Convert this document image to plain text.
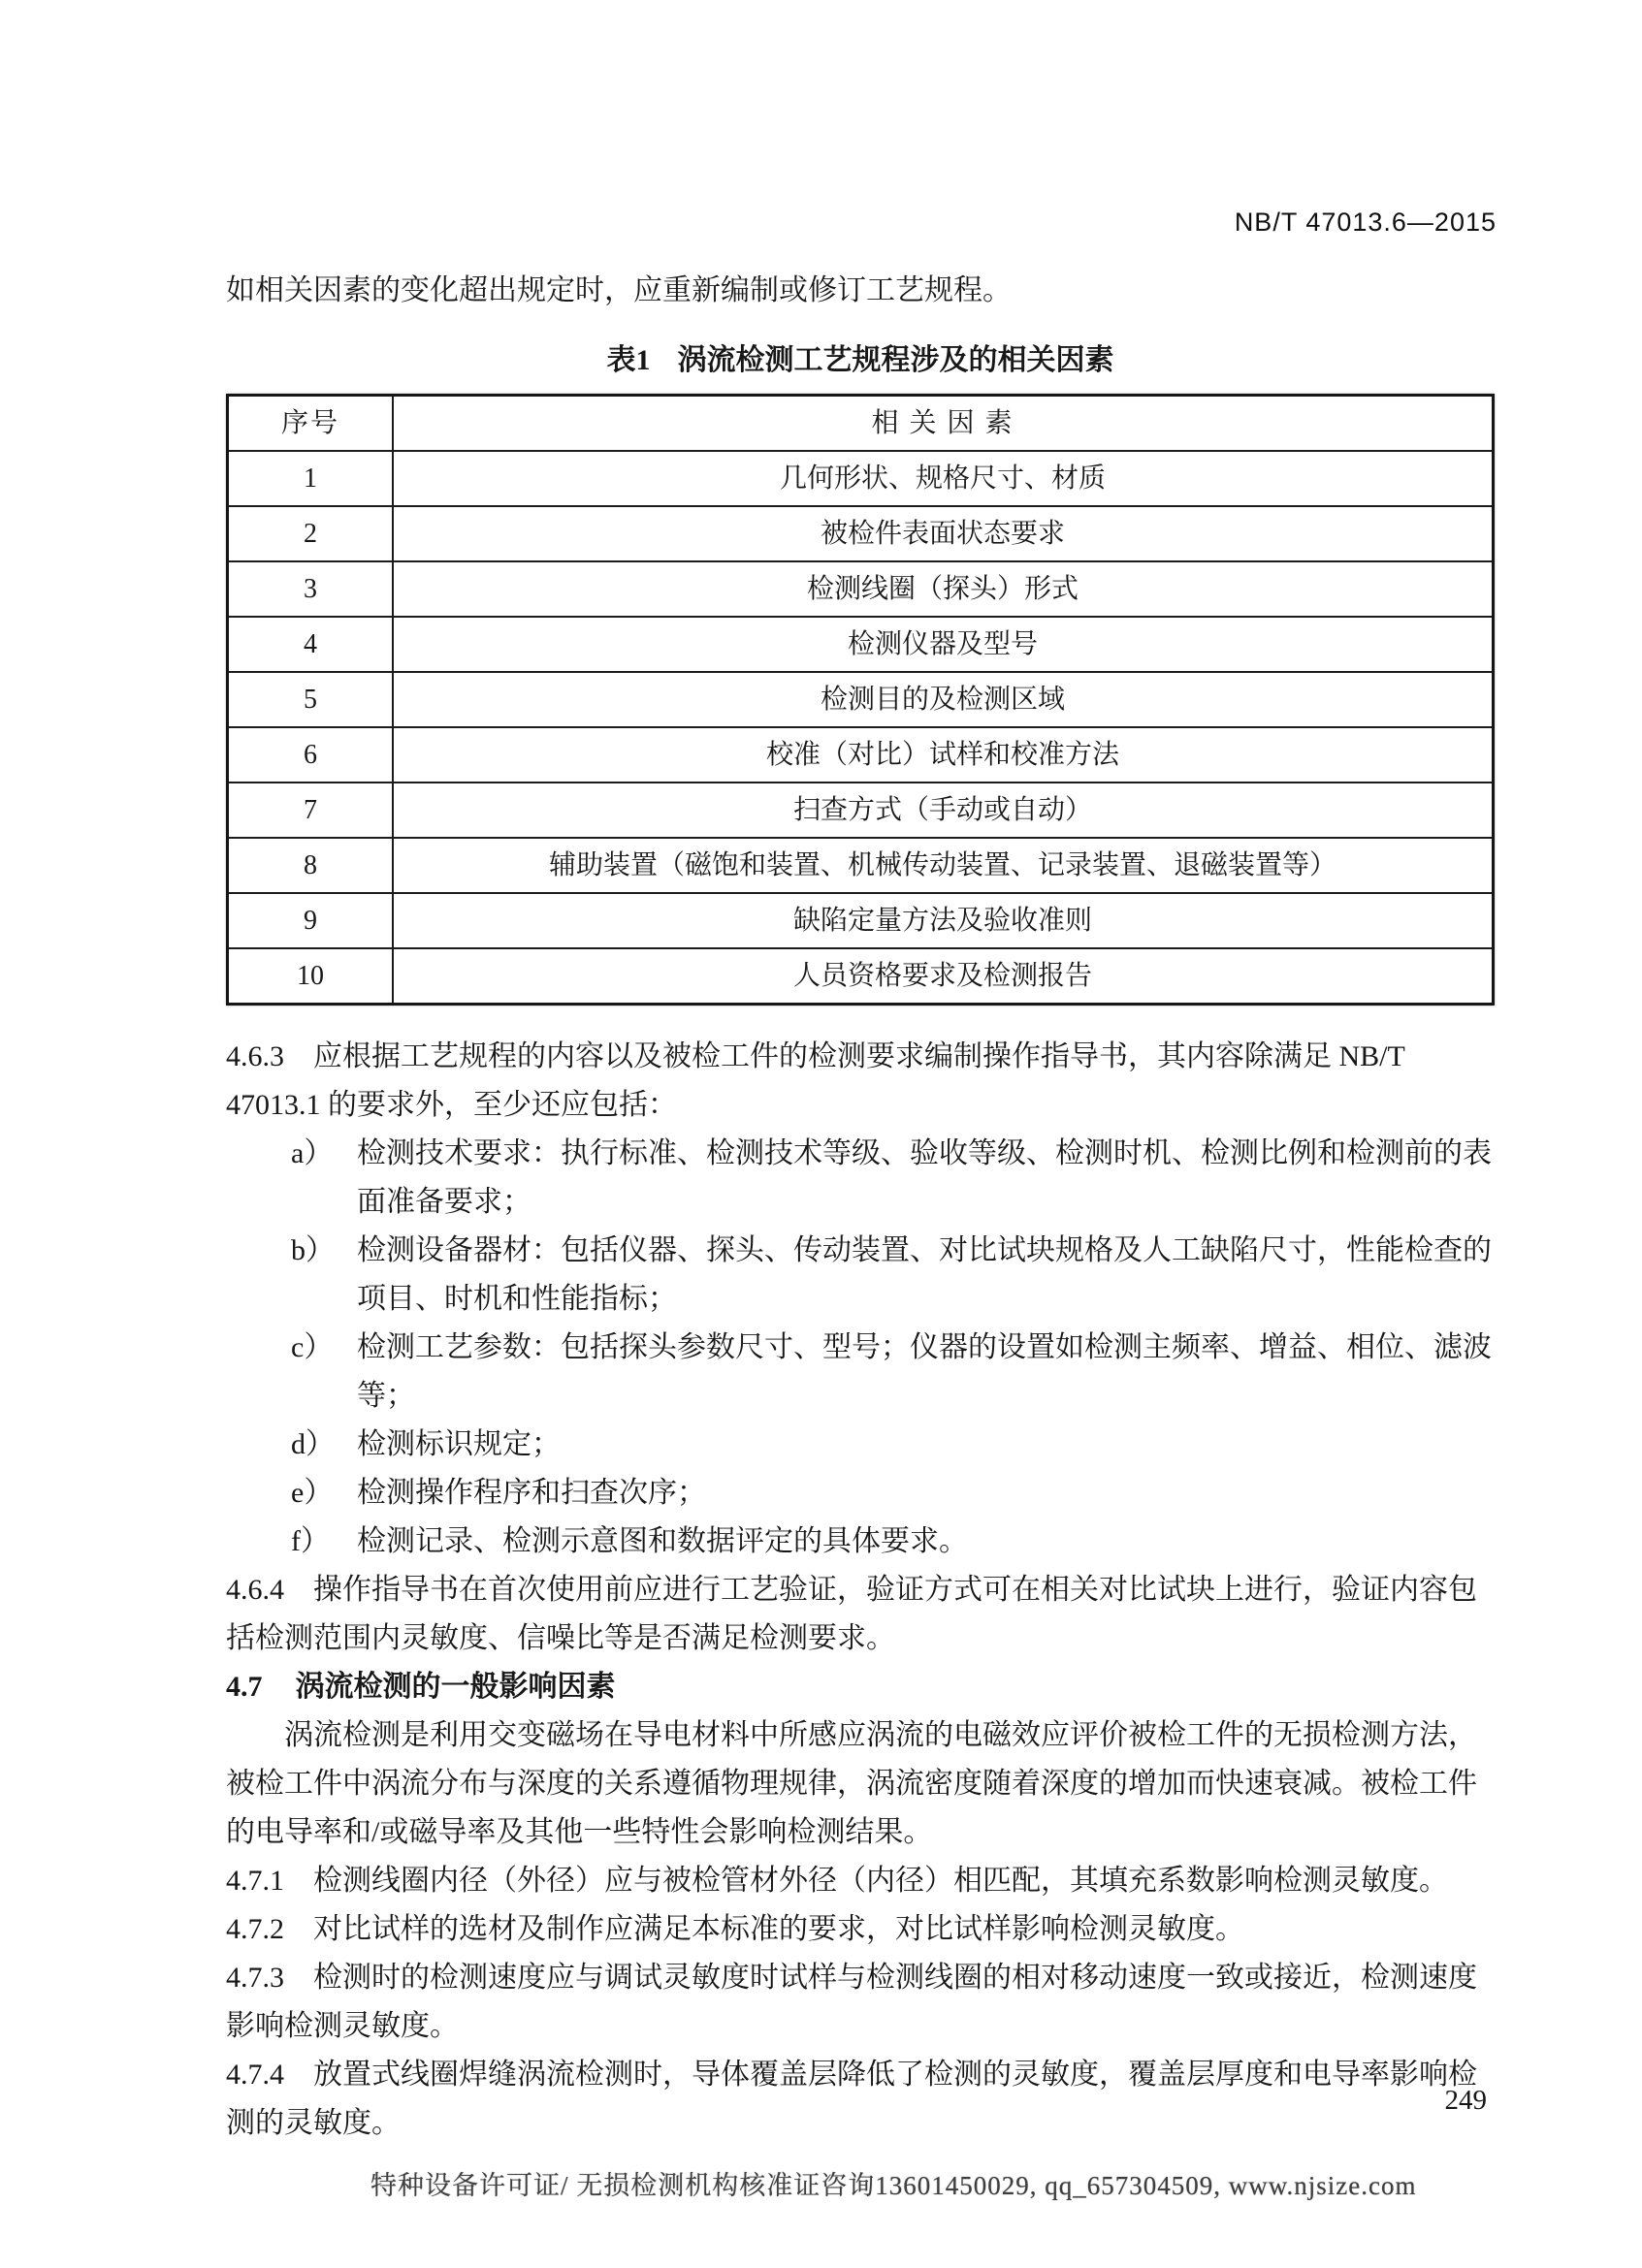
NB/T 47013.6—2015

如相关因素的变化超出规定时，应重新编制或修订工艺规程。

表1 涡流检测工艺规程涉及的相关因素

序号	相 关 因 素
1	几何形状、规格尺寸、材质
2	被检件表面状态要求
3	检测线圈（探头）形式
4	检测仪器及型号
5	检测目的及检测区域
6	校准（对比）试样和校准方法
7	扫查方式（手动或自动）
8	辅助装置（磁饱和装置、机械传动装置、记录装置、退磁装置等）
9	缺陷定量方法及验收准则
10	人员资格要求及检测报告

4.6.3 应根据工艺规程的内容以及被检工件的检测要求编制操作指导书，其内容除满足 NB/T 47013.1 的要求外，至少还应包括：

a） 检测技术要求：执行标准、检测技术等级、验收等级、检测时机、检测比例和检测前的表面准备要求；

b） 检测设备器材：包括仪器、探头、传动装置、对比试块规格及人工缺陷尺寸，性能检查的项目、时机和性能指标；

c） 检测工艺参数：包括探头参数尺寸、型号；仪器的设置如检测主频率、增益、相位、滤波等；

d） 检测标识规定；

e） 检测操作程序和扫查次序；

f） 检测记录、检测示意图和数据评定的具体要求。

4.6.4 操作指导书在首次使用前应进行工艺验证，验证方式可在相关对比试块上进行，验证内容包括检测范围内灵敏度、信噪比等是否满足检测要求。

4.7 涡流检测的一般影响因素

涡流检测是利用交变磁场在导电材料中所感应涡流的电磁效应评价被检工件的无损检测方法，被检工件中涡流分布与深度的关系遵循物理规律，涡流密度随着深度的增加而快速衰减。被检工件的电导率和/或磁导率及其他一些特性会影响检测结果。

4.7.1 检测线圈内径（外径）应与被检管材外径（内径）相匹配，其填充系数影响检测灵敏度。

4.7.2 对比试样的选材及制作应满足本标准的要求，对比试样影响检测灵敏度。

4.7.3 检测时的检测速度应与调试灵敏度时试样与检测线圈的相对移动速度一致或接近，检测速度影响检测灵敏度。

4.7.4 放置式线圈焊缝涡流检测时，导体覆盖层降低了检测的灵敏度，覆盖层厚度和电导率影响检测的灵敏度。

249
特种设备许可证/ 无损检测机构核准证咨询13601450029, qq_657304509, www.njsize.com
